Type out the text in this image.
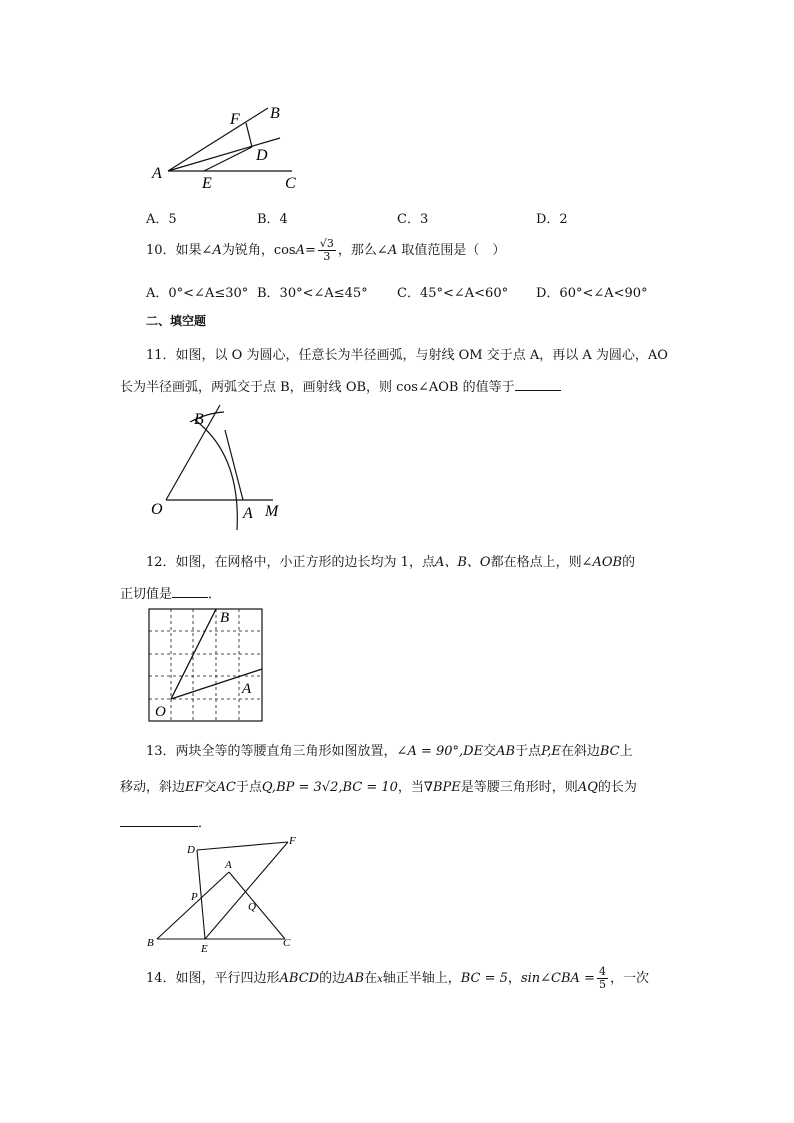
A
B
C
D
E
F
A．5	B．4	C．3	D．2
10．如果∠A为锐角，$\cos A= \frac{√3}{3}$ ，那么∠A 取值范围是（　）
A．0°<∠A≤30° B．30°<∠A≤45° C．45°<∠A<60° D．60°<∠A<90°
二、填空题
11．如图，以 O 为圆心，任意长为半径画弧，与射线 OM 交于点 A，再以 A 为圆心，AO
长为半径画弧，两弧交于点 B，画射线 OB，则 cos∠AOB 的值等于
B
O	A M
12．如图，在网格中，小正方形的边长均为 1，点A、B、O都在格点上，则∠AOB的
正切值是	．
B
A
O
13．两块全等的等腰直角三角形如图放置，∠A = 90°,DE交AB于点P,E在斜边BC上
移动，斜边EF交AC于点Q,BP = 3√2,BC = 10，当∇BPE是等腰三角形时，则AQ的长为
．
D
F
A
P
Q
B	E	C
14．如图，平行四边形ABCD的边AB在x轴正半轴上，BC = 5，sin∠CBA = $\frac{4}{5}$ ，一次
